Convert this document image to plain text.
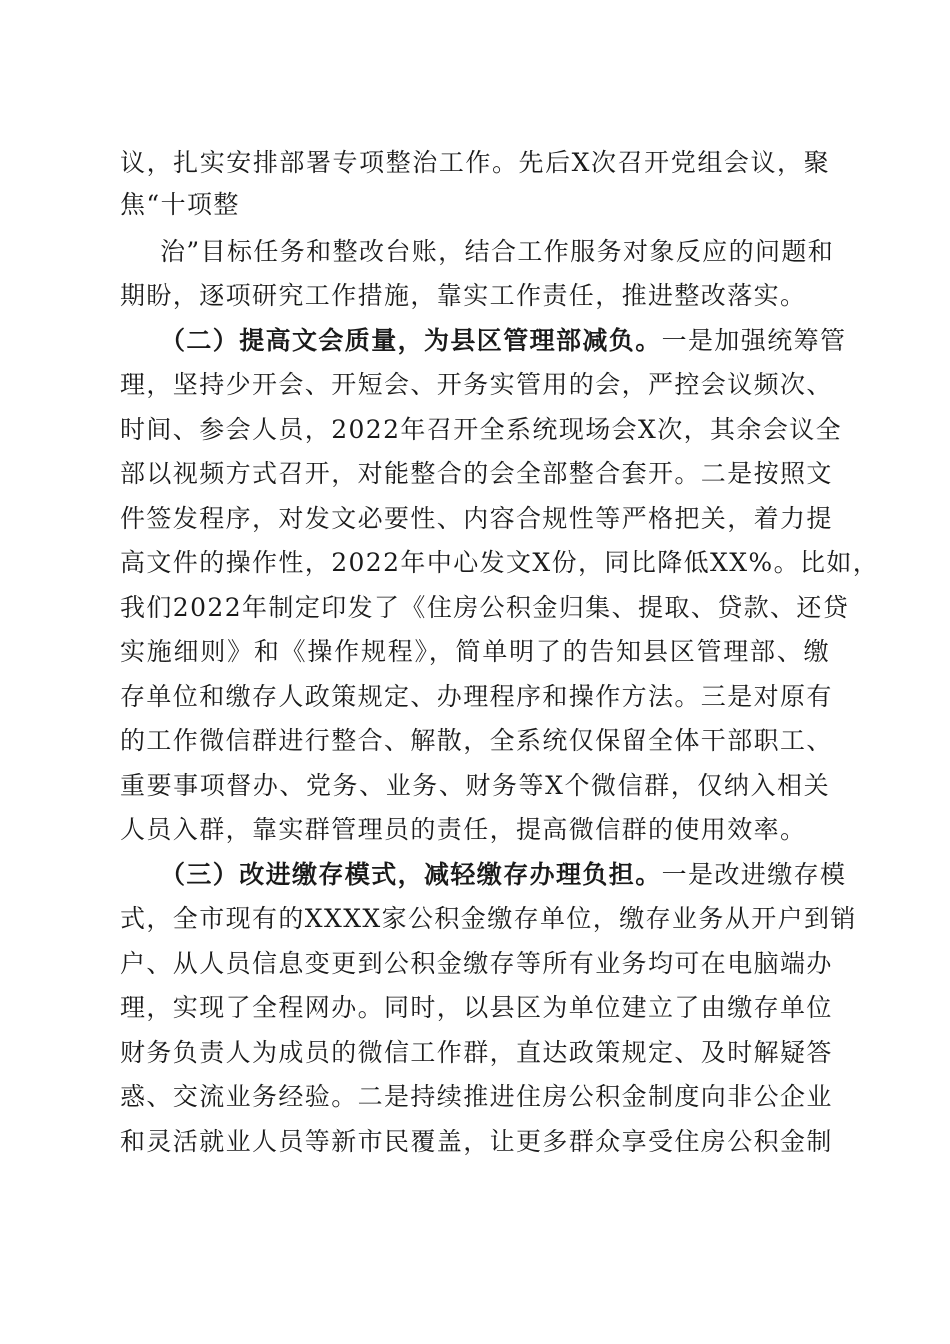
议，扎实安排部署专项整治工作。先后X次召开党组会议，聚
焦“十项整
治”目标任务和整改台账，结合工作服务对象反应的问题和
期盼，逐项研究工作措施，靠实工作责任，推进整改落实。
（二）提高文会质量，为县区管理部减负。一是加强统筹管
理，坚持少开会、开短会、开务实管用的会，严控会议频次、
时间、参会人员，2022年召开全系统现场会X次，其余会议全
部以视频方式召开，对能整合的会全部整合套开。二是按照文
件签发程序，对发文必要性、内容合规性等严格把关，着力提
高文件的操作性，2022年中心发文X份，同比降低XX%。比如，
我们2022年制定印发了《住房公积金归集、提取、贷款、还贷
实施细则》和《操作规程》，简单明了的告知县区管理部、缴
存单位和缴存人政策规定、办理程序和操作方法。三是对原有
的工作微信群进行整合、解散，全系统仅保留全体干部职工、
重要事项督办、党务、业务、财务等X个微信群，仅纳入相关
人员入群，靠实群管理员的责任，提高微信群的使用效率。
（三）改进缴存模式，减轻缴存办理负担。一是改进缴存模
式，全市现有的XXXX家公积金缴存单位，缴存业务从开户到销
户、从人员信息变更到公积金缴存等所有业务均可在电脑端办
理，实现了全程网办。同时，以县区为单位建立了由缴存单位
财务负责人为成员的微信工作群，直达政策规定、及时解疑答
惑、交流业务经验。二是持续推进住房公积金制度向非公企业
和灵活就业人员等新市民覆盖，让更多群众享受住房公积金制
